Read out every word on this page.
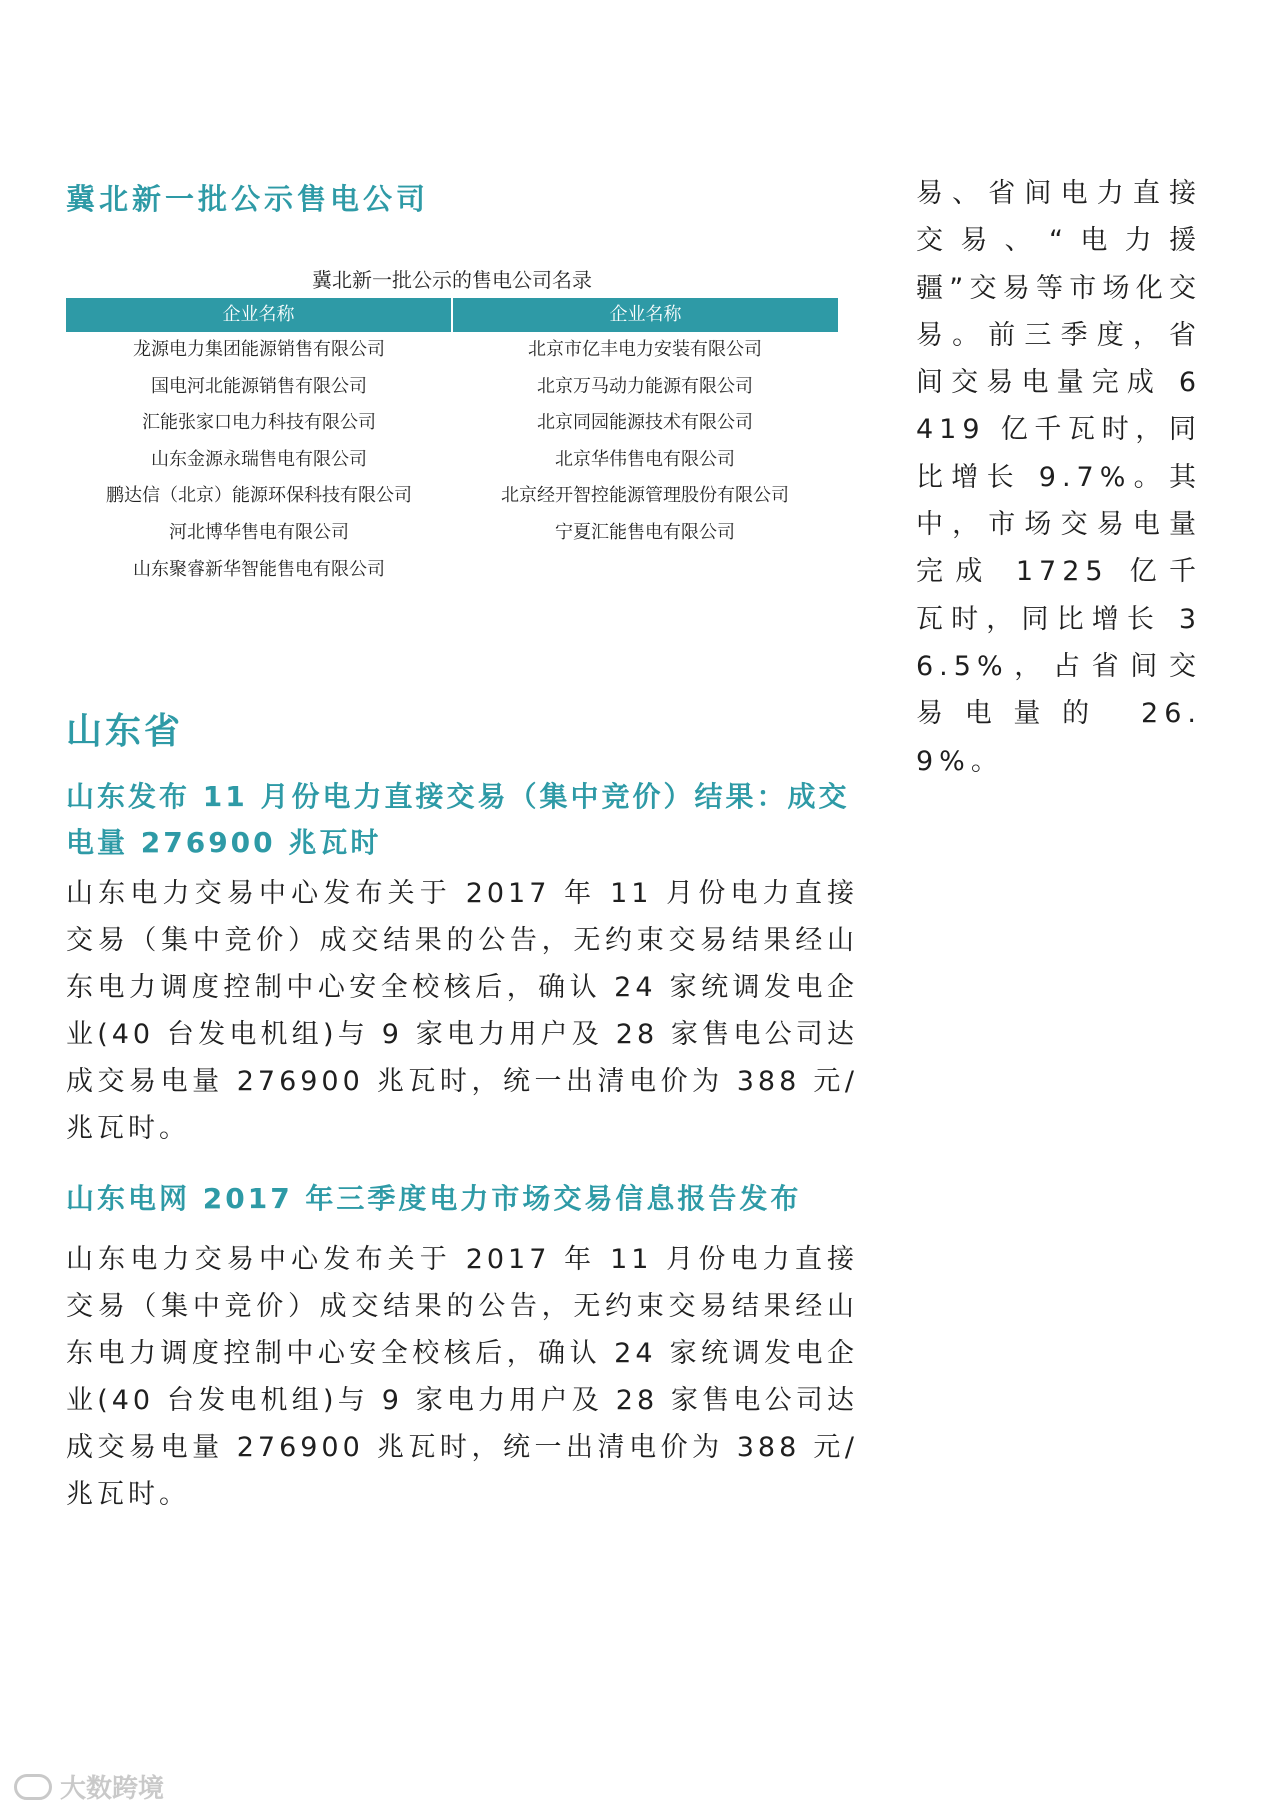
冀北新一批公示售电公司
冀北新一批公示的售电公司名录
企业名称	企业名称
龙源电力集团能源销售有限公司
国电河北能源销售有限公司
汇能张家口电力科技有限公司
山东金源永瑞售电有限公司
鹏达信（北京）能源环保科技有限公司
河北博华售电有限公司
山东聚睿新华智能售电有限公司
北京市亿丰电力安装有限公司
北京万马动力能源有限公司
北京同园能源技术有限公司
北京华伟售电有限公司
北京经开智控能源管理股份有限公司
宁夏汇能售电有限公司
山东省
山东发布 11 月份电力直接交易（集中竞价）结果：成交电量 276900 兆瓦时
山东电力交易中心发布关于 2017 年 11 月份电力直接交易（集中竞价）成交结果的公告，无约束交易结果经山东电力调度控制中心安全校核后，确认 24 家统调发电企业(40 台发电机组)与 9 家电力用户及 28 家售电公司达成交易电量 276900 兆瓦时，统一出清电价为 388 元/兆瓦时。
山东电网 2017 年三季度电力市场交易信息报告发布
山东电力交易中心发布关于 2017 年 11 月份电力直接交易（集中竞价）成交结果的公告，无约束交易结果经山东电力调度控制中心安全校核后，确认 24 家统调发电企业(40 台发电机组)与 9 家电力用户及 28 家售电公司达成交易电量 276900 兆瓦时，统一出清电价为 388 元/兆瓦时。

易、省间电力直接交易、“电力援疆”交易等市场化交易。前三季度，省间交易电量完成 6419 亿千瓦时，同比增长 9.7%。其中，市场交易电量完成 1725 亿千瓦时，同比增长 36.5%，占省间交易电量的 26.9%。

大数跨境
